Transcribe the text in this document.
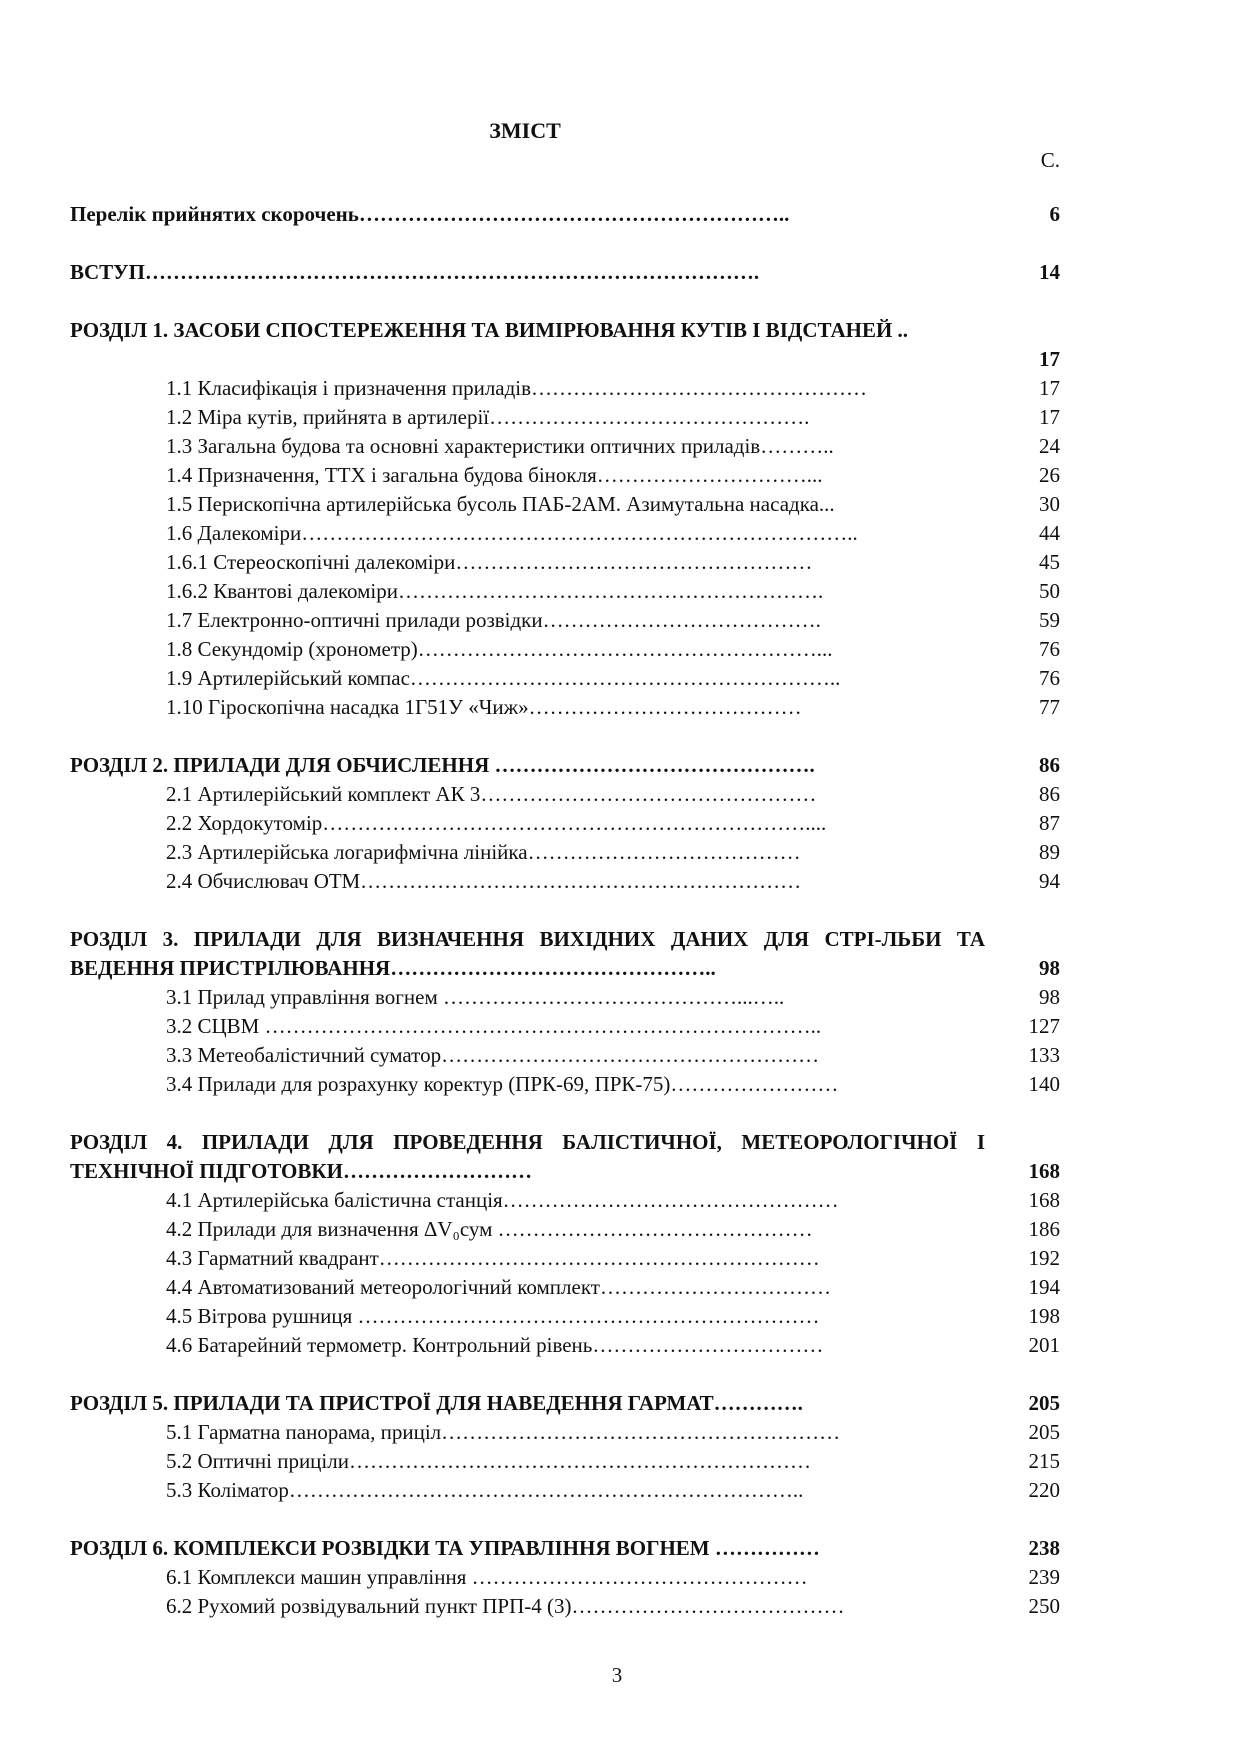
ЗМІСТ
С.
Перелік прийнятих скорочень……………………………………………………..	6
ВСТУП…………………………………………………………………………….	14
РОЗДІЛ 1. ЗАСОБИ СПОСТЕРЕЖЕННЯ ТА ВИМІРЮВАННЯ КУТІВ І ВІДСТАНЕЙ ..
17
1.1 Класифікація і призначення приладів…………………………………………	17
1.2 Міра кутів, прийнята в артилерії……………………………………….	17
1.3 Загальна будова та основні характеристики оптичних приладів………..	24
1.4 Призначення, ТТХ і загальна будова бінокля…………………………...	26
1.5 Перископічна артилерійська бусоль ПАБ-2АМ. Азимутальна насадка...	30
1.6 Далекоміри……………………………………………………………………..	44
1.6.1 Стереоскопічні далекоміри……………………………………………	45
1.6.2 Квантові далекоміри…………………………………………………….	50
1.7 Електронно-оптичні прилади розвідки………………………………….	59
1.8 Секундомір (хронометр)…………………………………………………...	76
1.9 Артилерійський компас……………………………………………………..	76
1.10 Гіроскопічна насадка 1Г51У «Чиж»…………………………………	77
РОЗДІЛ 2. ПРИЛАДИ ДЛЯ ОБЧИСЛЕННЯ ……………………………………….	86
2.1 Артилерійський комплект АК 3…………………………………………	86
2.2 Хордокутомір……………………………………………………………....	87
2.3 Артилерійська логарифмічна лінійка…………………………………	89
2.4 Обчислювач ОТМ………………………………………………………	94
РОЗДІЛ 3. ПРИЛАДИ ДЛЯ ВИЗНАЧЕННЯ ВИХІДНИХ ДАНИХ ДЛЯ СТРІ-ЛЬБИ ТА ВЕДЕННЯ ПРИСТРІЛЮВАННЯ………………………………………..	98
3.1 Прилад управління вогнем ……………………………………...…..	98
3.2 СЦВМ ……………………………………………………………………..	127
3.3 Метеобалістичний суматор………………………………………………	133
3.4 Прилади для розрахунку коректур (ПРК-69, ПРК-75)……………………	140
РОЗДІЛ 4. ПРИЛАДИ ДЛЯ ПРОВЕДЕННЯ БАЛІСТИЧНОЇ, МЕТЕОРОЛОГІЧНОЇ І ТЕХНІЧНОЇ ПІДГОТОВКИ………………………	168
4.1 Артилерійська балістична станція…………………………………………	168
4.2 Прилади для визначення ΔV₀сум ………………………………………	186
4.3 Гарматний квадрант………………………………………………………	192
4.4 Автоматизований метеорологічний комплект……………………………	194
4.5 Вітрова рушниця …………………………………………………………	198
4.6 Батарейний термометр. Контрольний рівень……………………………	201
РОЗДІЛ 5. ПРИЛАДИ ТА ПРИСТРОЇ ДЛЯ НАВЕДЕННЯ ГАРМАТ………….	205
5.1 Гарматна панорама, приціл…………………………………………………	205
5.2 Оптичні приціли…………………………………………………………	215
5.3 Коліматор………………………………………………………………..	220
РОЗДІЛ 6. КОМПЛЕКСИ РОЗВІДКИ ТА УПРАВЛІННЯ ВОГНЕМ ……………	238
6.1 Комплекси машин управління …………………………………………	239
6.2 Рухомий розвідувальний пункт ПРП-4 (3)…………………………………	250
3
